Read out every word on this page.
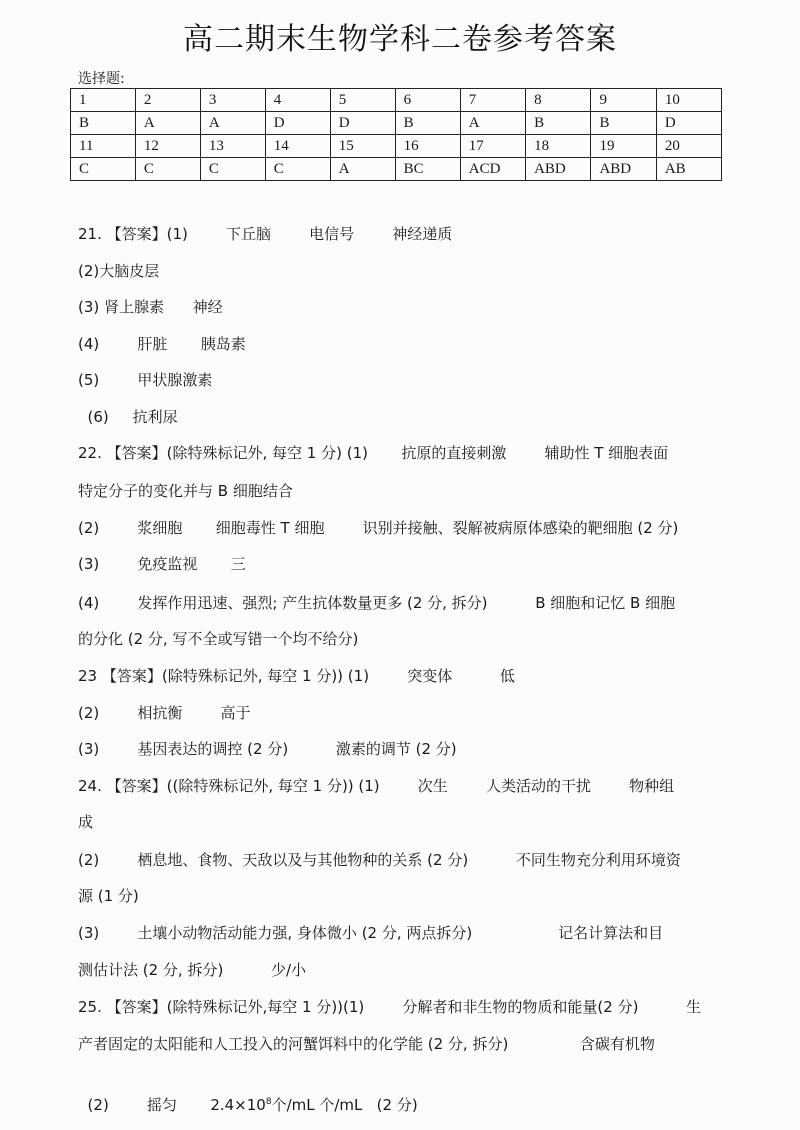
高二期末生物学科二卷参考答案
选择题:
1	2	3	4	5	6	7	8	9	10
B	A	A	D	D	B	A	B	B	D
11	12	13	14	15	16	17	18	19	20
C	C	C	C	A	BC	ACD	ABD	ABD	AB
21. 【答案】(1)        下丘脑        电信号        神经递质
(2)大脑皮层
(3) 肾上腺素      神经
(4)        肝脏       胰岛素
(5)        甲状腺激素
(6)     抗利尿
22. 【答案】(除特殊标记外, 每空 1 分) (1)       抗原的直接刺激        辅助性 T 细胞表面
特定分子的变化并与 B 细胞结合
(2)        浆细胞       细胞毒性 T 细胞        识别并接触、裂解被病原体感染的靶细胞 (2 分)
(3)        免疫监视       三
(4)        发挥作用迅速、强烈; 产生抗体数量更多 (2 分, 拆分)          B 细胞和记忆 B 细胞
的分化 (2 分, 写不全或写错一个均不给分)
23 【答案】(除特殊标记外, 每空 1 分)) (1)        突变体          低
(2)        相抗衡        高于
(3)        基因表达的调控 (2 分)          激素的调节 (2 分)
24. 【答案】((除特殊标记外, 每空 1 分)) (1)        次生        人类活动的干扰        物种组
成
(2)        栖息地、食物、天敌以及与其他物种的关系 (2 分)          不同生物充分利用环境资
源 (1 分)
(3)        土壤小动物活动能力强, 身体微小 (2 分, 两点拆分)                  记名计算法和目
测估计法 (2 分, 拆分)          少/小
25. 【答案】(除特殊标记外,每空 1 分))(1)        分解者和非生物的物质和能量(2 分)          生
产者固定的太阳能和人工投入的河蟹饵料中的化学能 (2 分, 拆分)               含碳有机物

(2)        摇匀       $2.4\times 10^8$个/mL 个/mL   (2 分)
